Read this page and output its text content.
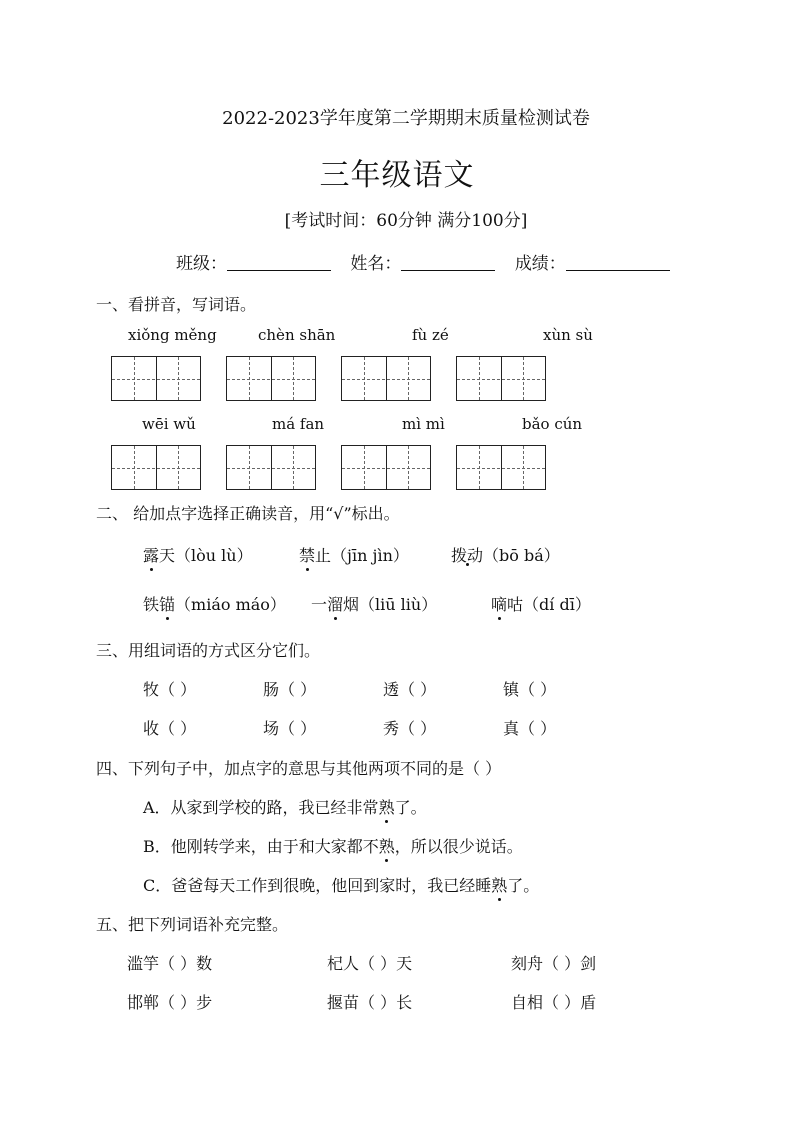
2022-2023学年度第二学期期末质量检测试卷
三年级语文
[考试时间：60分钟 满分100分]
班级：	姓名：	成绩：
一、看拼音，写词语。
xiǒng měng	chèn shān	fù zé	xùn sù
wēi wǔ	má fan	mì mì	bǎo cún
二、 给加点字选择正确读音，用“√”标出。
露天（lòu lù）	禁止（jīn jìn）	拨动（bō bá）
铁锚（miáo máo） 一溜烟（liū liù）	嘀咕（dí dī）
三、用组词语的方式区分它们。
牧（ ）	肠（ ）	透（ ）	镇（ ）
收（ ）	场（ ）	秀（ ）	真（ ）
四、下列句子中，加点字的意思与其他两项不同的是（ ）
A．从家到学校的路，我已经非常熟了。
B．他刚转学来，由于和大家都不熟，所以很少说话。
C．爸爸每天工作到很晚，他回到家时，我已经睡熟了。
五、把下列词语补充完整。
滥竽（ ）数	杞人（ ）天	刻舟（ ）剑
邯郸（ ）步	揠苗（ ）长	自相（ ）盾
